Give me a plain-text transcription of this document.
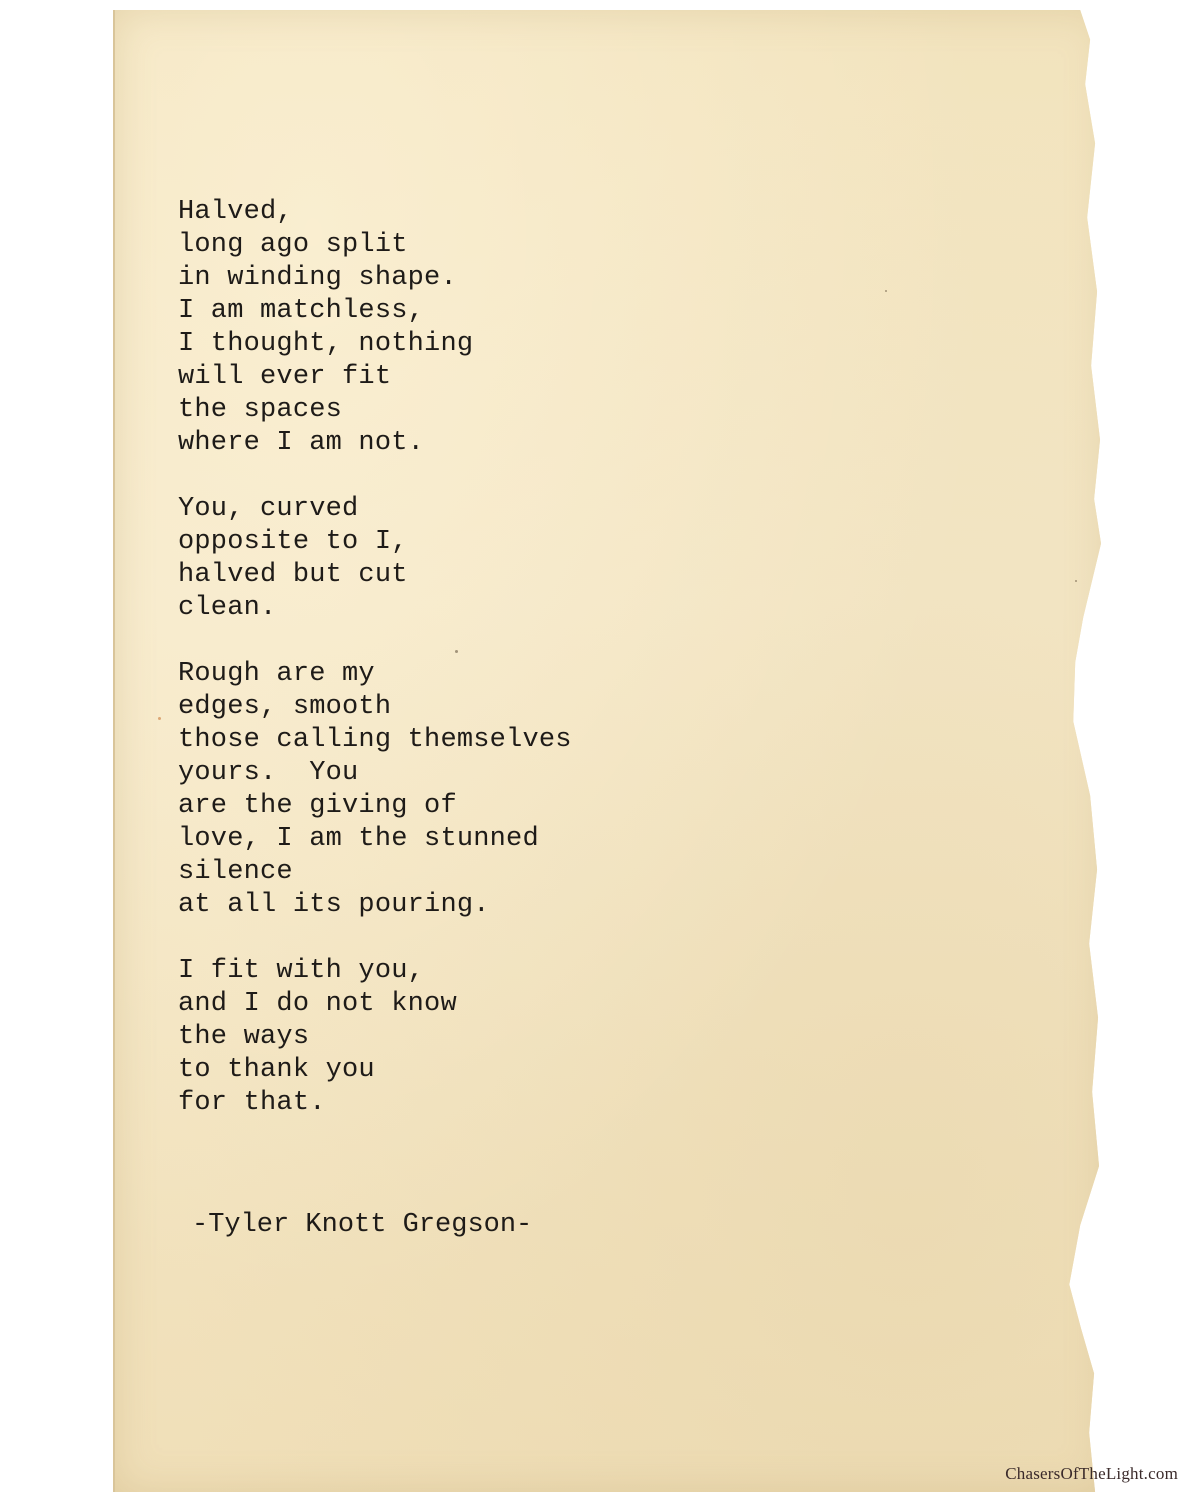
Halved,
long ago split
in winding shape.
I am matchless,
I thought, nothing
will ever fit
the spaces
where I am not.
You, curved
opposite to I,
halved but cut
clean.
Rough are my
edges, smooth
those calling themselves
yours.  You
are the giving of
love, I am the stunned
silence
at all its pouring.
I fit with you,
and I do not know
the ways
to thank you
for that.
-Tyler Knott Gregson-
ChasersOfTheLight.com
